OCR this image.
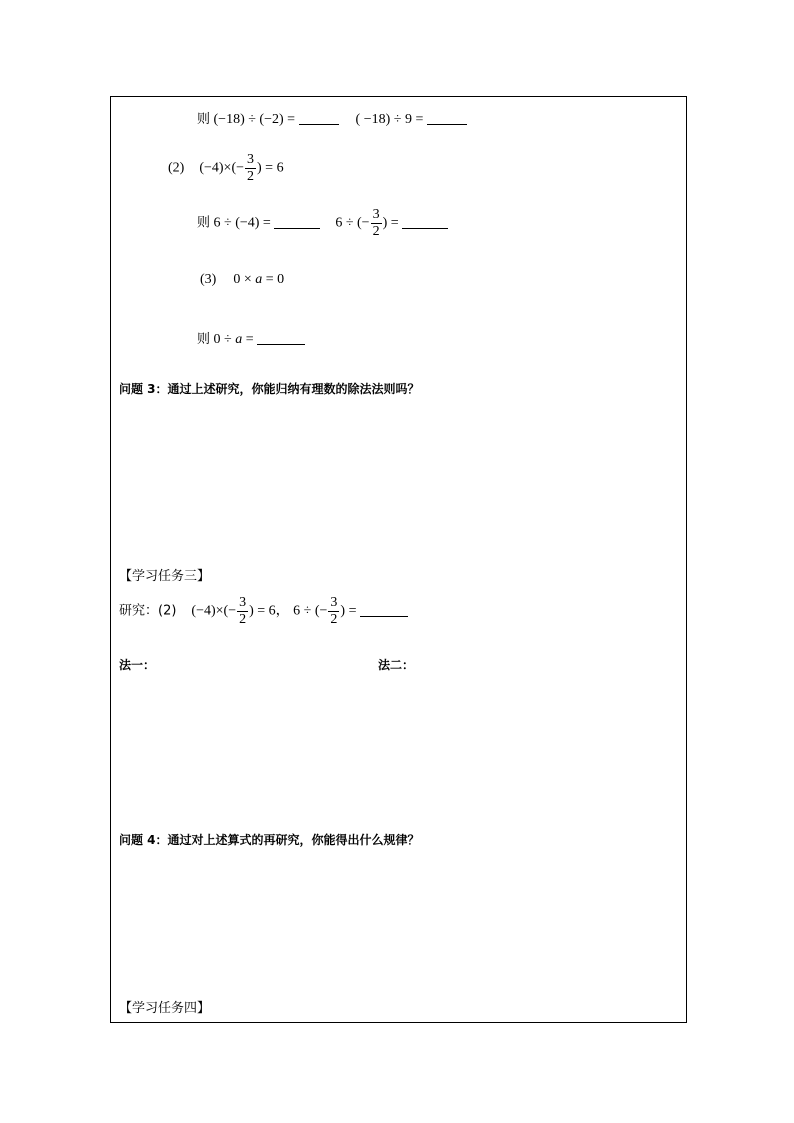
则 (−18) ÷ (−2) =	( −18) ÷ 9 =
(2) $(-4)\times(- \frac{3}{2}$ ) = 6
则 6 ÷ (−4) =	6 ÷ (− $\frac{3}{2}$ ) =
(3) 0 × a = 0
则 0 ÷ a =
问题 3：通过上述研究，你能归纳有理数的除法法则吗？
【学习任务三】
研究：(2) $(-4)\times(- \frac{3}{2}$ ) = 6， 6 ÷ (− $\frac{3}{2}$ ) =
法一：	法二：
问题 4：通过对上述算式的再研究，你能得出什么规律？
【学习任务四】
